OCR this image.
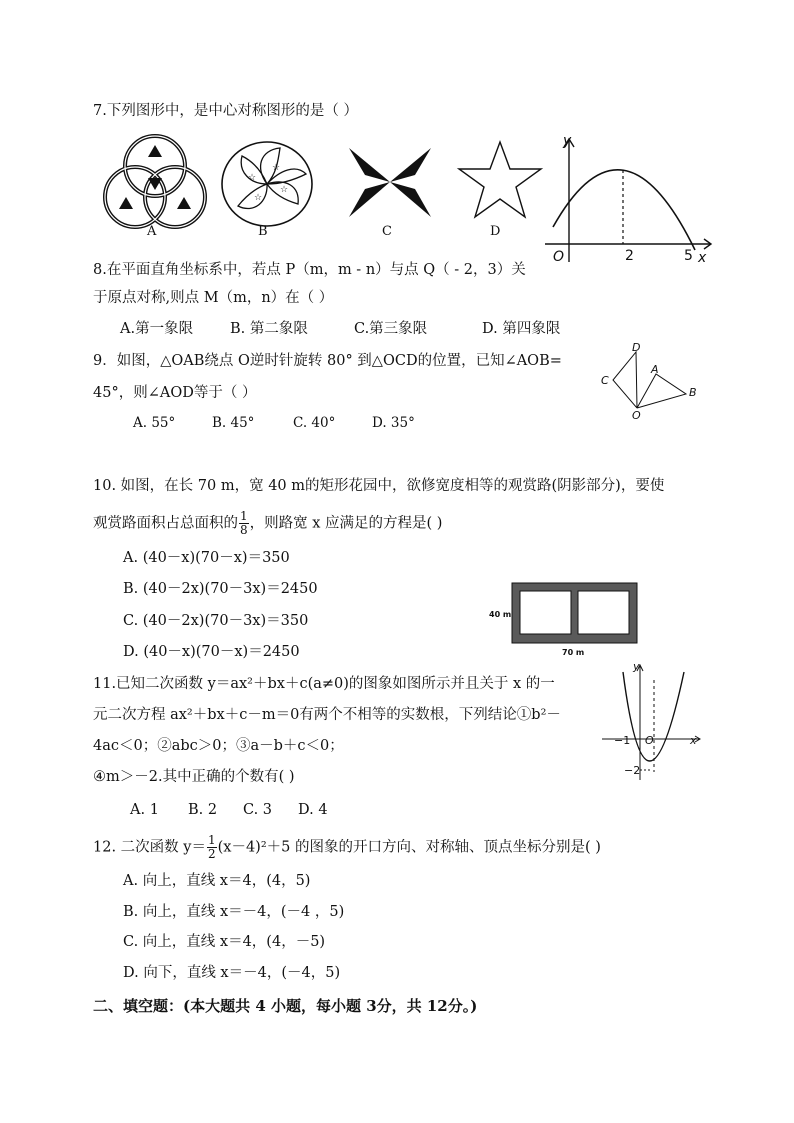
7.下列图形中，是中心对称图形的是（ ）
A
☆
☆
☆
☆
B	C	D
y
O	2	5 x
8.在平面直角坐标系中，若点 P（m，m - n）与点 Q（ - 2，3）关
于原点对称,则点 M（m，n）在（ ）
A.第一象限	B. 第二象限	C.第三象限	D. 第四象限
9．如图，△OAB绕点 O逆时针旋转 80° 到△OCD的位置，已知∠AOB=
45°，则∠AOD等于（ ）
A. 55°	B. 45°	C. 40°	D. 35°
D
C
A
B
O
10. 如图，在长 70 m，宽 40 m的矩形花园中，欲修宽度相等的观赏路(阴影部分)，要使
观赏路面积占总面积的 $\frac{1}{8}$ ，则路宽 x 应满足的方程是( )
A. (40－x)(70－x)＝350
B. (40－2x)(70－3x)＝2450
C. (40－2x)(70－3x)＝350
D. (40－x)(70－x)＝2450
40 m
70 m
11.已知二次函数 y＝ax²＋bx＋c(a≠0)的图象如图所示并且关于 x 的一
元二次方程 ax²＋bx＋c－m＝0有两个不相等的实数根，下列结论①b²－
4ac＜0；②abc＞0；③a－b＋c＜0；
④m＞－2.其中正确的个数有( )
A. 1 B. 2 C. 3 D. 4
y
−1 O	x
−2
12. 二次函数 $y= \frac{1}{2} (x-4)^2+5$ 的图象的开口方向、对称轴、顶点坐标分别是( )
A. 向上，直线 x＝4，(4，5)
B. 向上，直线 x＝－4，(－4 ，5)
C. 向上，直线 x＝4，(4，－5)
D. 向下，直线 x＝－4，(－4，5)
二、填空题：(本大题共 4 小题，每小题 3分，共 12分。)
